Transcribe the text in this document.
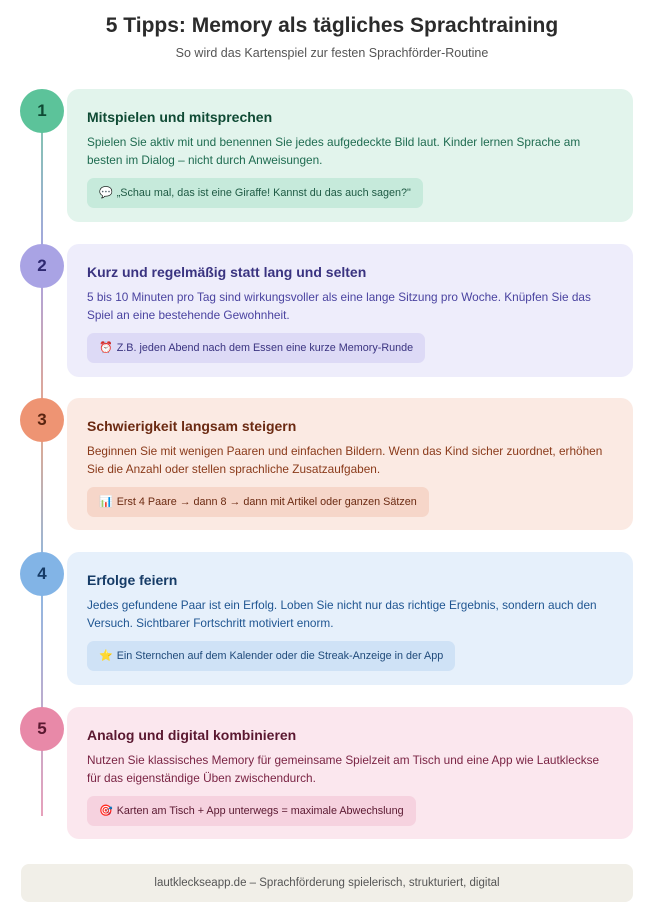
5 Tipps: Memory als tägliches Sprachtraining
So wird das Kartenspiel zur festen Sprachförder-Routine
1	Mitspielen und mitsprechen
Spielen Sie aktiv mit und benennen Sie jedes aufgedeckte Bild laut. Kinder lernen Sprache am besten im Dialog – nicht durch Anweisungen.
💬 „Schau mal, das ist eine Giraffe! Kannst du das auch sagen?"
2	Kurz und regelmäßig statt lang und selten
5 bis 10 Minuten pro Tag sind wirkungsvoller als eine lange Sitzung pro Woche. Knüpfen Sie das Spiel an eine bestehende Gewohnheit.
⏰ Z.B. jeden Abend nach dem Essen eine kurze Memory-Runde
3	Schwierigkeit langsam steigern
Beginnen Sie mit wenigen Paaren und einfachen Bildern. Wenn das Kind sicher zuordnet, erhöhen Sie die Anzahl oder stellen sprachliche Zusatzaufgaben.
📊 Erst 4 Paare → dann 8 → dann mit Artikel oder ganzen Sätzen
4	Erfolge feiern
Jedes gefundene Paar ist ein Erfolg. Loben Sie nicht nur das richtige Ergebnis, sondern auch den Versuch. Sichtbarer Fortschritt motiviert enorm.
⭐ Ein Sternchen auf dem Kalender oder die Streak-Anzeige in der App
5	Analog und digital kombinieren
Nutzen Sie klassisches Memory für gemeinsame Spielzeit am Tisch und eine App wie Lautkleckse für das eigenständige Üben zwischendurch.
🎯 Karten am Tisch + App unterwegs = maximale Abwechslung
lautkleckseapp.de – Sprachförderung spielerisch, strukturiert, digital
